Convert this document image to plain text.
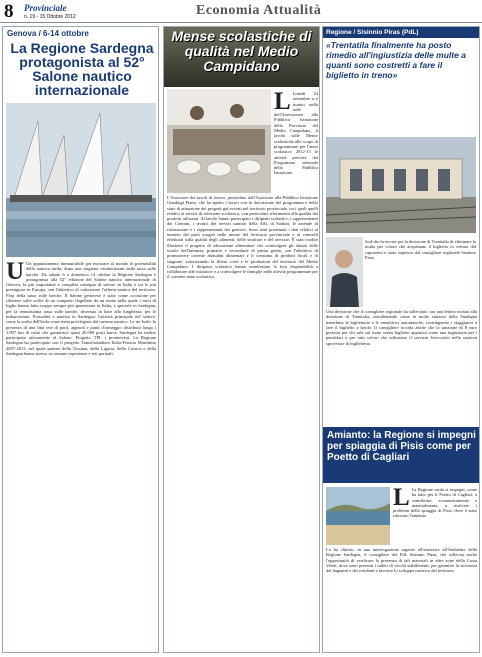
8 Provinciale
n. 19 - 15 Ottobre 2012	Economia Attualità
Genova / 6-14 ottobre
La Regione Sardegna protagonista al 52° Salone nautico internazionale
U Un appuntamento immancabile per mostrare al mondo le potenzialità della nautica sarda, dopo una stagione caratterizzata dalla tassa sulle barche. Da sabato 6 a domenica 14 ottobre la Regione Sardegna è protagonista alla 52° edizione del Salone nautico internazionale di Genova, la più importante e completa rassegna di settore in Italia e tra le più prestigiose in Europa, con l'obiettivo di valorizzare l'offerta nautica del territorio. Plop della tassa sulle barche. Il Salone genovese è stato come occasione per riflettere sulle scelte di un comparto flagellato da un estate nella quale i mesi di luglio hanno fatto troppo sempre più spensierata in Italia, e speciale in Sardegna, per la temutissima tassa sulle barche, divenuta in base alla lunghezza, per le imbarcazioni. Portualità e nautica in Sardegna: l'attività principale nel settore, come la scelta dell'Isola come meta privilegiata dal turismo nautico. Le tre Isole: la presenza di una fitta rete di porti, approdi e punti d'ormeggio distribuiti lungo i 1.897 km di coste che garantisce quasi 20.000 posti barca. Sardegna ha inoltre partecipato attivamente al Salone. Progetto TPI: i prometeisti. La Regione Sardegna ha partecipato con il progetto Transfrontaliero Italia-Francia Marittimo 2007-2013, nel quale partner della Toscana, della Liguria, della Corsica e della Sardegna hanno messo in comune esperienze e reti portuali.
Mense scolastiche di qualità nel Medio Campidano
L Lunedì 24 settembre si è riunito, nella sede dell'Assessorato alla Pubblica Istruzione della Provincia del Medio Campidano, il tavolo sulle Mense scolastiche allo scopo di programmare per l'anno scolastico 2012-13 le attività previste dal Programma triennale della Pubblica Istruzione.
L'Assessore dei tavoli di lavoro, presieduto dall'Assessore alla Pubblica Istruzione Gianluigi Piano, che ha aperto i lavori con la descrizione del programma e dello stato di attuazione dei progetti già avviati nel territorio provinciale, tra i quali quelli relativi ai servizi di refezione scolastica, con particolare riferimento alla qualità dei prodotti utilizzati. Al tavolo hanno partecipato i dirigenti scolastici, i rappresentanti dei Comuni, i tecnici dei servizi sanitari della ASL di Sanluri, le aziende di ristorazione e i rappresentanti dei genitori. Sono stati presentati i dati relativi al numero dei pasti erogati nelle mense del territorio provinciale e ai controlli effettuati sulla qualità degli alimenti, delle strutture e del servizio. È stato inoltre illustrato il progetto di educazione alimentare che coinvolgerà gli alunni delle scuole dell'infanzia, primarie e secondarie di primo grado, con l'obiettivo di promuovere corrette abitudini alimentari e il consumo di prodotti locali e di stagione, valorizzando la filiera corta e le produzioni del territorio del Medio Campidano. I dirigenti scolastici hanno manifestato la loro disponibilità a collaborare alle iniziative e a coinvolgere le famiglie nelle attività programmate per il corrente anno scolastico.
Regione / Sisinnio Piras (PdL)
«Trentatila finalmente ha posto rimedio all'ingiustizia delle multe a quanti sono costretti a fare il biglietto in treno»
Sod-dis-fa-zio-ne per la decisione di Trenitalia di eliminare la multa per coloro che acquistano il biglietto in vettura dal capotreno e stato espresso dal consigliere regionale Sisinnio Piras.
Una decisione che il consigliere regionale ha sollecitato con una lettera inviata alla direzione di Trenitalia, sottolineando come in molte stazioni della Sardegna manchino le biglietterie e le emettitrici automatiche, costringendo i viaggiatori a fare il biglietto a bordo. Il consigliere ricorda anche che la sanzione di 8 euro prevista per chi sale sul treno senza biglietto appariva come una ingiustizia per i pendolari e per tutti coloro che utilizzano il servizio ferroviario nelle stazioni sprovviste di biglietteria.
Amianto: la Regione si impegni per spiaggia di Pisis come per Poetto di Cagliari
L La Regione sarda si impegni, come ha fatto per il Poetto di Cagliari, a contribuire, economicamente e materialmente, a risolvere i problemi della spiaggia di Pisis, dove è stato ritrovato l'amianto.
Lo ha chiesto, in una interrogazione urgente all'assessore all'Ambiente della Regione Sardegna, il consigliere del PdL Sisinnio Piras, che sollecita anche l'opportunità di verificare la presenza di tali materiali in altre zone della Costa Verde, dove sono presenti i ruderi di vecchi stabilimenti, per garantire la sicurezza dei bagnanti e dei residenti e favorire lo sviluppo turistico del territorio.
